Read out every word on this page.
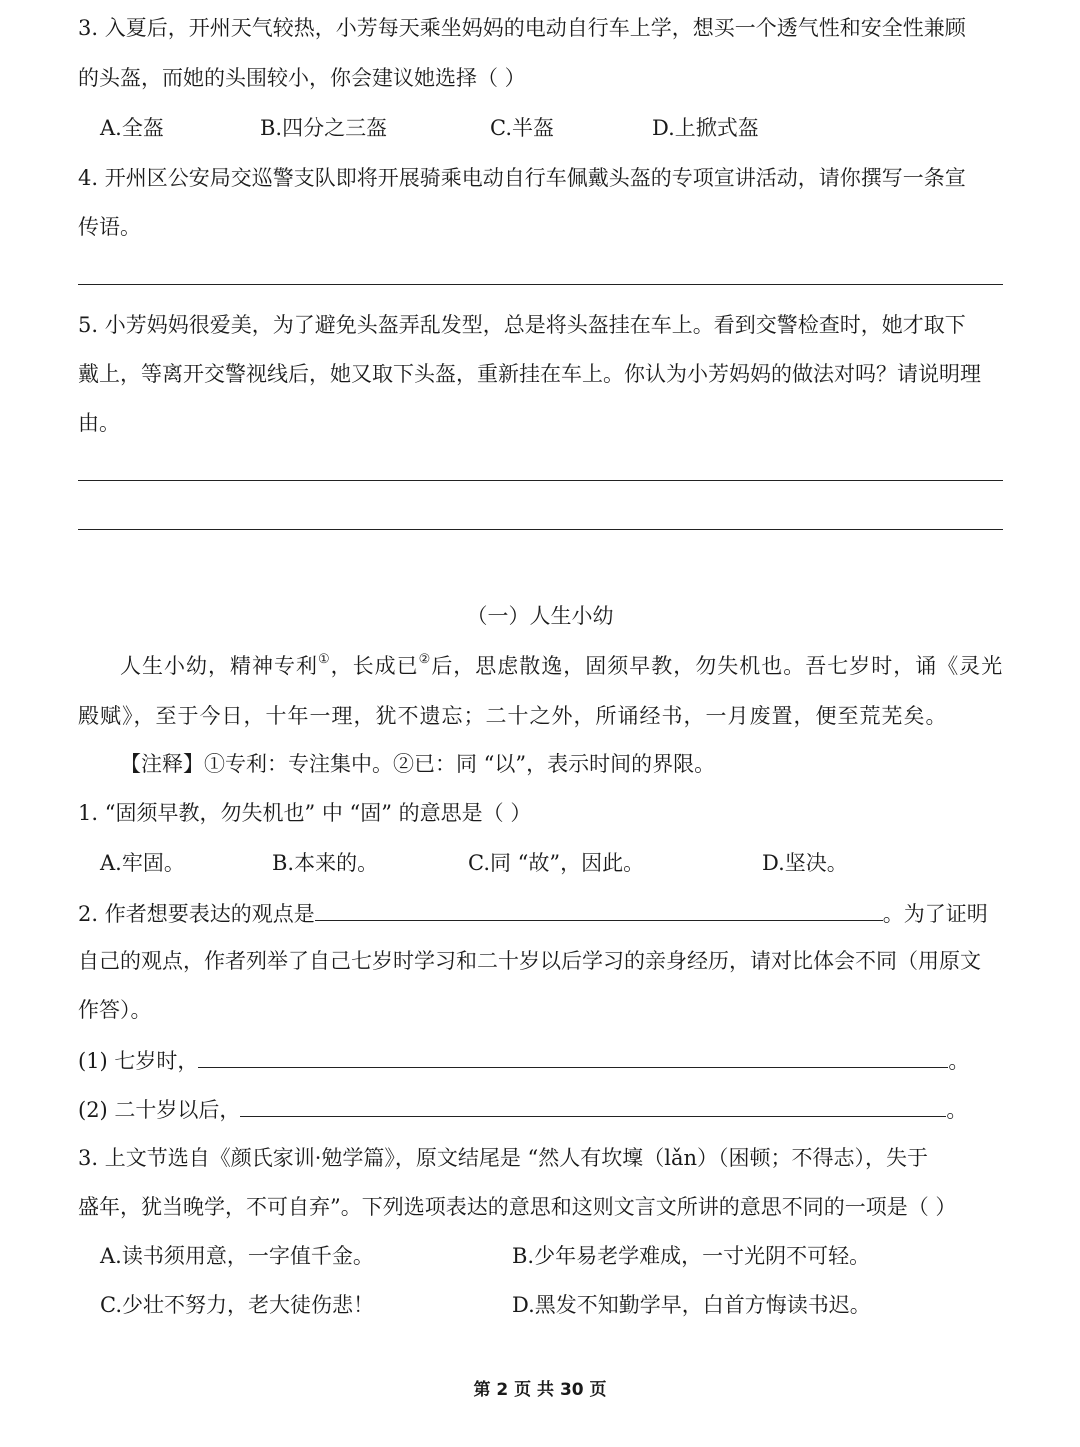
3. 入夏后，开州天气较热，小芳每天乘坐妈妈的电动自行车上学，想买一个透气性和安全性兼顾
的头盔，而她的头围较小，你会建议她选择（ ）
A.全盔	B.四分之三盔	C.半盔	D.上掀式盔
4. 开州区公安局交巡警支队即将开展骑乘电动自行车佩戴头盔的专项宣讲活动，请你撰写一条宣
传语。
5. 小芳妈妈很爱美，为了避免头盔弄乱发型，总是将头盔挂在车上。看到交警检查时，她才取下
戴上，等离开交警视线后，她又取下头盔，重新挂在车上。你认为小芳妈妈的做法对吗？请说明理
由。
（一）人生小幼
人生小幼，精神专利①，长成已②后，思虑散逸，固须早教，勿失机也。吾七岁时，诵《灵光
殿赋》，至于今日，十年一理，犹不遗忘；二十之外，所诵经书，一月废置，便至荒芜矣。
【注释】①专利：专注集中。②已：同 “以”，表示时间的界限。
1. “固须早教，勿失机也” 中 “固” 的意思是（ ）
A.牢固。	B.本来的。	C.同 “故”，因此。	D.坚决。
2. 作者想要表达的观点是	。为了证明
自己的观点，作者列举了自己七岁时学习和二十岁以后学习的亲身经历，请对比体会不同（用原文
作答）。
(1) 七岁时，	。
(2) 二十岁以后，	。
3. 上文节选自《颜氏家训·勉学篇》，原文结尾是 “然人有坎壈（lǎn）（困顿；不得志），失于
盛年，犹当晚学，不可自弃”。下列选项表达的意思和这则文言文所讲的意思不同的一项是（ ）
A.读书须用意，一字值千金。	B.少年易老学难成，一寸光阴不可轻。
C.少壮不努力，老大徒伤悲！	D.黑发不知勤学早，白首方悔读书迟。
第 2 页 共 30 页
